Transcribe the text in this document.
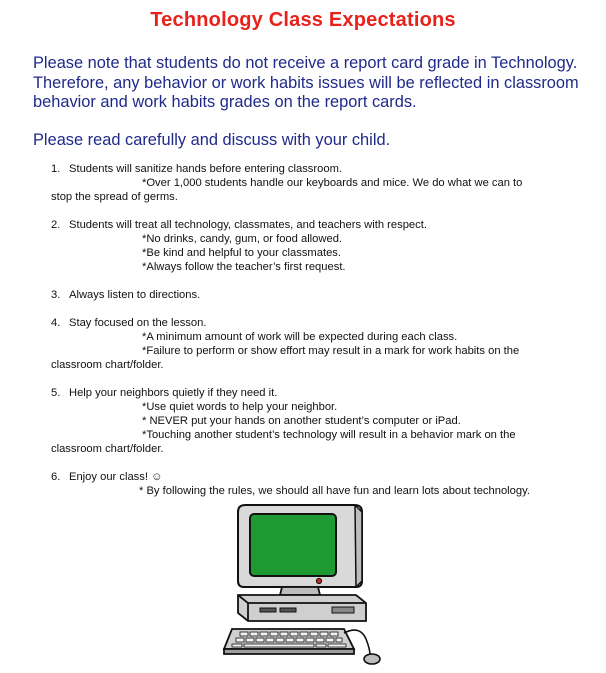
Technology Class Expectations

Please note that students do not receive a report card grade in Technology. Therefore, any behavior or work habits issues will be reflected in classroom behavior and work habits grades on the report cards.

Please read carefully and discuss with your child.

1. Students will sanitize hands before entering classroom.
*Over 1,000 students handle our keyboards and mice. We do what we can to
stop the spread of germs.
2. Students will treat all technology, classmates, and teachers with respect.
*No drinks, candy, gum, or food allowed.
*Be kind and helpful to your classmates.
*Always follow the teacher’s first request.
3. Always listen to directions.
4. Stay focused on the lesson.
*A minimum amount of work will be expected during each class.
*Failure to perform or show effort may result in a mark for work habits on the
classroom chart/folder.
5. Help your neighbors quietly if they need it.
*Use quiet words to help your neighbor.
* NEVER put your hands on another student’s computer or iPad.
*Touching another student’s technology will result in a behavior mark on the
classroom chart/folder.
6. Enjoy our class! ☺
* By following the rules, we should all have fun and learn lots about technology.
